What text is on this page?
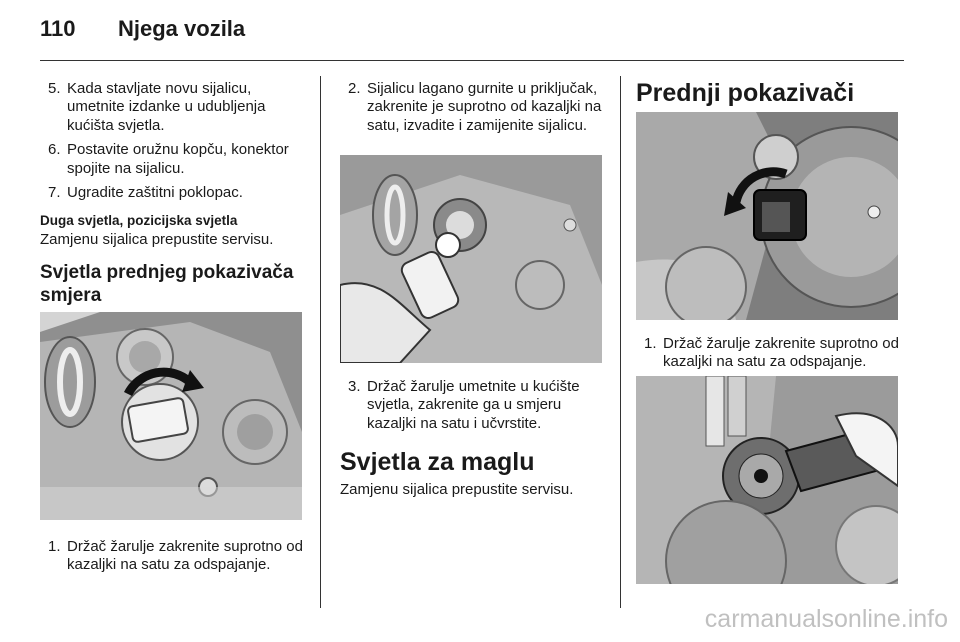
110 Njega vozila
5. Kada stavljate novu sijalicu, umetnite izdanke u udubljenja kućišta svjetla.
6. Postavite oružnu kopču, konektor spojite na sijalicu.
7. Ugradite zaštitni poklopac.
Duga svjetla, pozicijska svjetla
Zamjenu sijalica prepustite servisu.
Svjetla prednjeg pokazivača smjera
1. Držač žarulje zakrenite suprotno od kazaljki na satu za odspajanje.
2. Sijalicu lagano gurnite u priključak, zakrenite je suprotno od kazaljki na satu, izvadite i zamijenite sijalicu.
3. Držač žarulje umetnite u kućište svjetla, zakrenite ga u smjeru kazaljki na satu i učvrstite.
Svjetla za maglu
Zamjenu sijalica prepustite servisu.
Prednji pokazivači
1. Držač žarulje zakrenite suprotno od kazaljki na satu za odspajanje.
carmanualsonline.info
